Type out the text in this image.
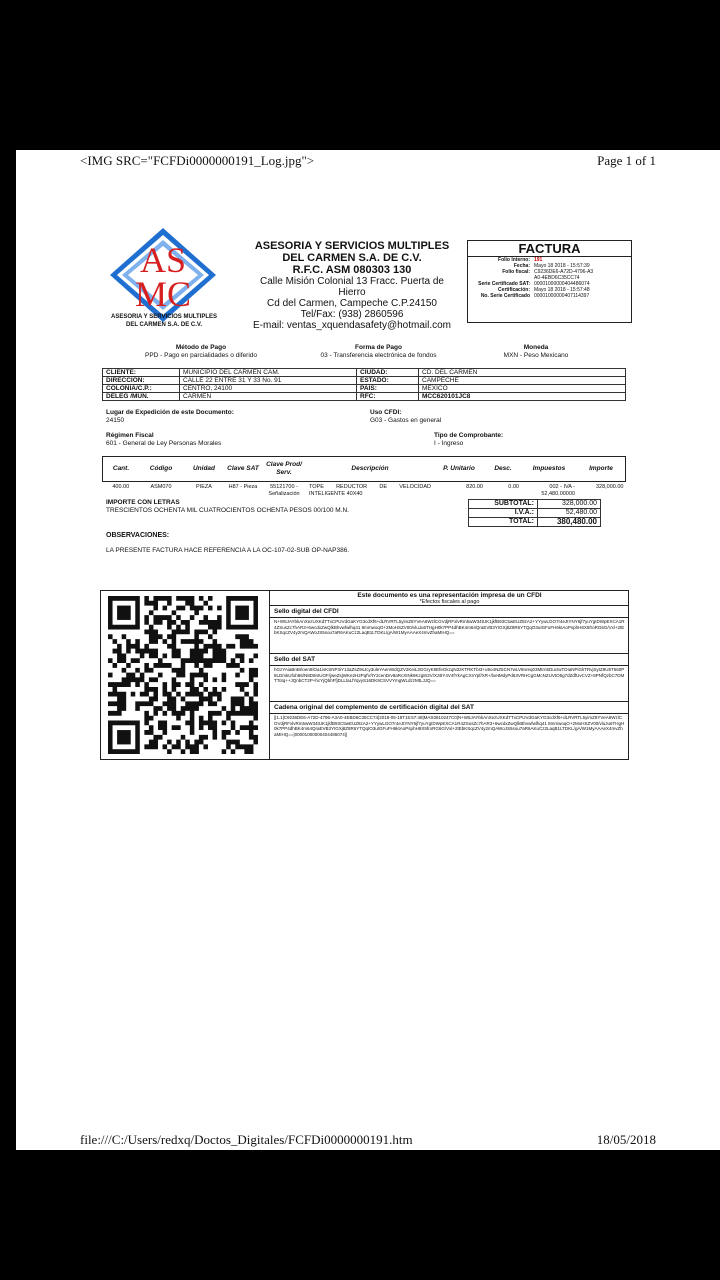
<IMG SRC="FCFDi0000000191_Log.jpg">	Page 1 of 1
AS
MC
ASESORIA Y SERVICIOS MULTIPLES
DEL CARMEN S.A. DE C.V.
ASESORIA Y SERVICIOS MULTIPLES
DEL CARMEN S.A. DE C.V.
R.F.C. ASM 080303 130
Calle Misión Colonial 13 Fracc. Puerta de Hierro
Cd del Carmen, Campeche C.P.24150
Tel/Fax: (938) 2860596
E-mail: ventas_xquendasafety@hotmail.com
FACTURA
Folio Interno:	191
Fecha:	Mayo 18 2018 - 15:57:39
Folio fiscal:	C9236DE6-A72D-4796-A3A0-4EBD6C35CC74
Serie Certificado SAT:	00001000000404486074
Certificación:	Mayo 18 2018 - 15:57:48
No. Serie Certificado	00001000000407114397
Método de Pago
PPD - Pago en parcialidades o diferido
Forma de Pago
03 - Transferencia electrónica de fondos
Moneda
MXN - Peso Mexicano
CLIENTE:	MUNICIPIO DEL CARMEN CAM.	CIUDAD:	CD. DEL CARMEN
DIRECCION:	CALLE 22 ENTRE 31 Y 33 No. 91	ESTADO:	CAMPECHE
COLONIA/C.P.:	CENTRO, 24100	PAIS:	MEXICO
DELEG /MUN.	CARMEN	RFC:	MCC620101JC8
Lugar de Expedición de este Documento:
24150
Uso CFDI:
G03 - Gastos en general
Régimen Fiscal
601 - General de Ley Personas Morales
Tipo de Comprobante:
I - Ingreso
Cant.	Código	Unidad	Clave SAT	Clave Prod/ Serv.	Descripción	P. Unitario	Desc.	Impuestos	Importe
400.00	ASM070	PIEZA	H87 - Pieza	55121700 - Señalización	TOPE REDUCTOR DE VELOCIDAD INTELIGENTE 40X40	820.00	0.00	002 - IVA - 52,480.00000	328,000.00
IMPORTE CON LETRAS
TRESCIENTOS OCHENTA MIL CUATROCIENTOS OCHENTA PESOS 00/100 M.N.
SUBTOTAL:	328,000.00
I.V.A.:	52,480.00
TOTAL:	380,480.00
OBSERVACIONES:
LA PRESENTE FACTURA HACE REFERENCIA A LA OC-107-02-SUB OP-NAP386.
Este documento es una representación impresa de un CFDI
*Efectos fiscales al pago
Sello digital del CFDI
N+W5JAYbkAnXezUXKdTTxCPUVdGaKYG3cdXf6+dLRVRTL5yimZ8YVeA6WzlCGVdjRFxlvRm5wW34tUK1jkfB93C5wEUZ8zA2+YYywLGO7r4eJtYNY6jf7yuYgIDWpEXCA1R4ZSusZc7hAR3+6wcdxZwQlkBhvwfwlhq41 8mmwoqO+2MoHSZV00/vluJu6THgH0k7PP4dhBK4m64QraEVB3YIGXj8Z8R6YTQqO3uIGFuFH6ktAoPsphH8X5froRG6G/Vxl+2tEbKSqcZV4y2mQAWoJS5sou7aR6AKuCz2LaqB1LTDKL/gA/W1MyAAAeX4mvZhaMIHQ==
Sello del SAT
hGzYAiaBnBrloen8lOa1isKSNP3iY13aZsZ9sJcy3uleYAenWdQZV2KeiL3GGryK9EfeGkzqN3zKTRKTbI3+u9o4NZ5CN7wLV8nreq03Mtrn5DucIwTDIaNPiGkTRvjSyIZ9U8T560P8LDmkUfoh86/N8D9nIUOF/jweZsjWKe2H2PqfV/tY2cenDrv8aRcXINk9Kzg8r2V/XzBY4V4fYkAgCXnYpf/XR+/lxetMdyPd63VRHCgGMcNZUVtO5g7dZdfUvCVZ+8PNfQzbC7DMTTotq++JQnbCT2P+hcYjQbhFfjDLLtaLfYqvyS16DK9CSVVYmgWLdzzMtLJJQ==
Cadena original del complemento de certificación digital del SAT
||1.1|C9236DE6-A72D-4796-A3A0-4EBD6C35CC74|2018-05-18T15:57:48|MAS0810247C0|N+W5JAYbkAnXezUXKdTTxCPUVdGaKYG3cdXf6+dLRVRTL5yimZ8YVeA6WzlCGVdjRFxlvRm5wW34tUK1jkfB93C5wEUZ8zA2+YYywLGO7r4eJtYNY6jf7yuYgIDWpEXCA1R4ZSusZc7hAR3+6wcdxZwQlkBhvwfwlhq41 8mmwoqO+2MoHSZV00/vluJu6THgH0k7PP4dhBK4m64QraEVB3YIGXj8Z8R6YTQqIO3uIGFuFH6ktAoPsphH8X5froRG6G/Vxl+2tEbKSqcZV4y2mQAWoJS5sou7aR6AKuCz2LaqB1LTDKL/gA/W1MyAAAeX4mvZhaMIHQ==|00001000000404486074||
file:///C:/Users/redxq/Doctos_Digitales/FCFDi0000000191.htm	18/05/2018
